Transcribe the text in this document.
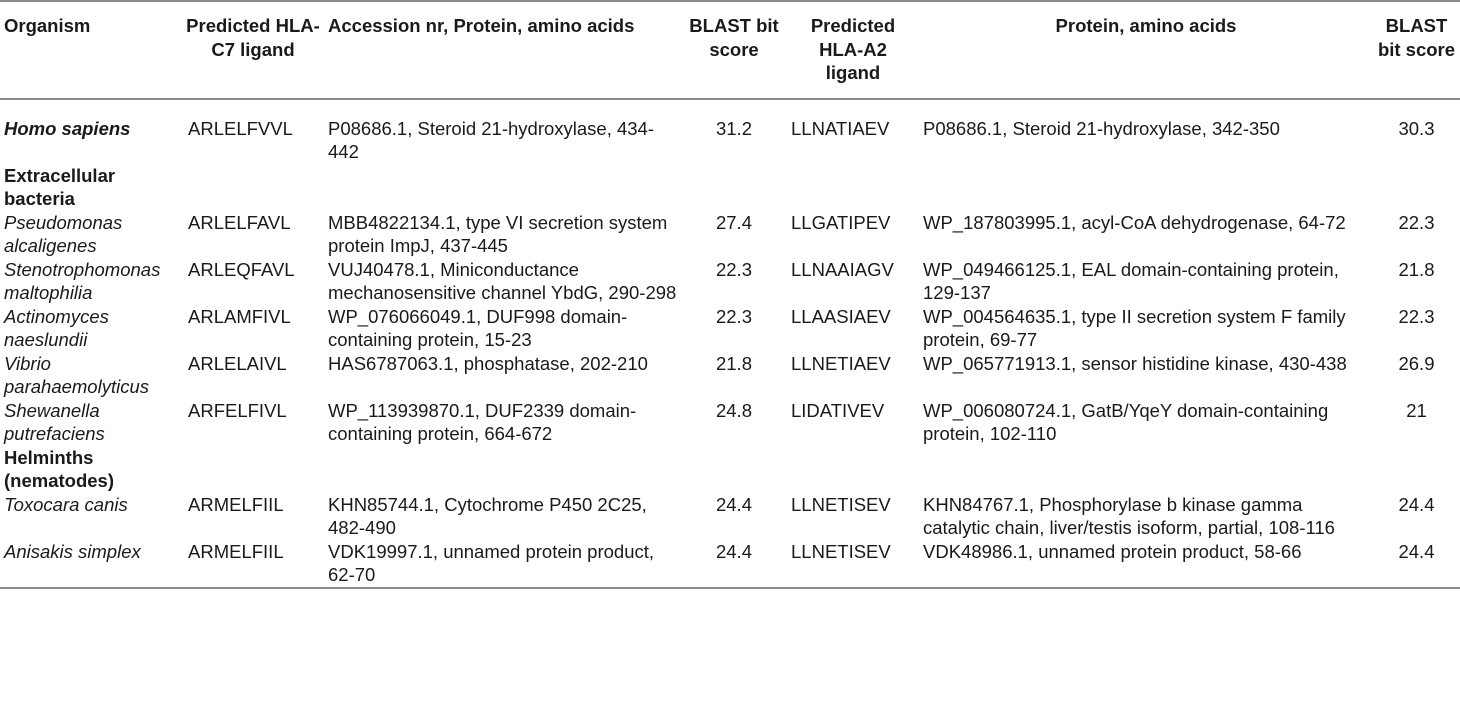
Organism	Predicted HLA-C7 ligand	Accession nr, Protein, amino acids	BLAST bit score	Predicted HLA-A2 ligand	Protein, amino acids	BLAST bit score
Homo sapiens	ARLELFVVL	P08686.1, Steroid 21-hydroxylase, 434-442	31.2	LLNATIAEV	P08686.1, Steroid 21-hydroxylase, 342-350	30.3
Extracellular bacteria						
Pseudomonas alcaligenes	ARLELFAVL	MBB4822134.1, type VI secretion system protein ImpJ, 437-445	27.4	LLGATIPEV	WP_187803995.1, acyl-CoA dehydrogenase, 64-72	22.3
Stenotrophomonas maltophilia	ARLEQFAVL	VUJ40478.1, Miniconductance mechanosensitive channel YbdG, 290-298	22.3	LLNAAIAGV	WP_049466125.1, EAL domain-containing protein, 129-137	21.8
Actinomyces naeslundii	ARLAMFIVL	WP_076066049.1, DUF998 domain-containing protein, 15-23	22.3	LLAASIAEV	WP_004564635.1, type II secretion system F family protein, 69-77	22.3
Vibrio parahaemolyticus	ARLELAIVL	HAS6787063.1, phosphatase, 202-210	21.8	LLNETIAEV	WP_065771913.1, sensor histidine kinase, 430-438	26.9
Shewanella putrefaciens	ARFELFIVL	WP_113939870.1, DUF2339 domain-containing protein, 664-672	24.8	LIDATIVEV	WP_006080724.1, GatB/YqeY domain-containing protein, 102-110	21
Helminths (nematodes)						
Toxocara canis	ARMELFIIL	KHN85744.1, Cytochrome P450 2C25, 482-490	24.4	LLNETISEV	KHN84767.1, Phosphorylase b kinase gamma catalytic chain, liver/testis isoform, partial, 108-116	24.4
Anisakis simplex	ARMELFIIL	VDK19997.1, unnamed protein product, 62-70	24.4	LLNETISEV	VDK48986.1, unnamed protein product, 58-66	24.4
